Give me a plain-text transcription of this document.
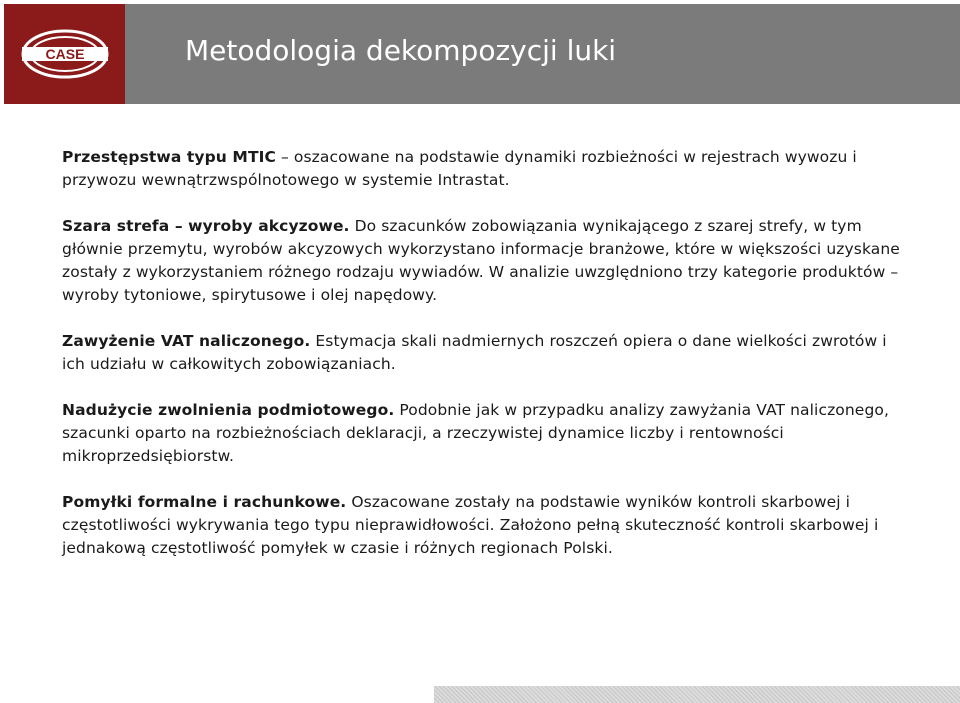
CASE	Metodologia dekompozycji luki

Przestępstwa typu MTIC – oszacowane na podstawie dynamiki rozbieżności w rejestrach wywozu i przywozu wewnątrzwspólnotowego w systemie Intrastat.

Szara strefa – wyroby akcyzowe. Do szacunków zobowiązania wynikającego z szarej strefy, w tym głównie przemytu, wyrobów akcyzowych wykorzystano informacje branżowe, które w większości uzyskane zostały z wykorzystaniem różnego rodzaju wywiadów. W analizie uwzględniono trzy kategorie produktów – wyroby tytoniowe, spirytusowe i olej napędowy.

Zawyżenie VAT naliczonego. Estymacja skali nadmiernych roszczeń opiera o dane wielkości zwrotów i ich udziału w całkowitych zobowiązaniach.

Nadużycie zwolnienia podmiotowego. Podobnie jak w przypadku analizy zawyżania VAT naliczonego, szacunki oparto na rozbieżnościach deklaracji, a rzeczywistej dynamice liczby i rentowności mikroprzedsiębiorstw.

Pomyłki formalne i rachunkowe. Oszacowane zostały na podstawie wyników kontroli skarbowej i częstotliwości wykrywania tego typu nieprawidłowości. Założono pełną skuteczność kontroli skarbowej i jednakową częstotliwość pomyłek w czasie i różnych regionach Polski.
